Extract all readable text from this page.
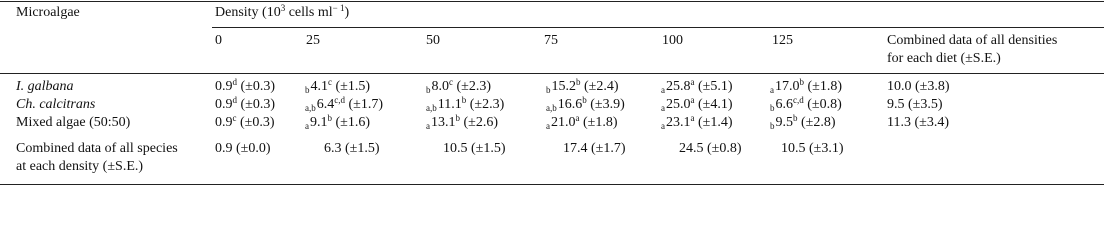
Microalgae	Density ($10^3$ cells $ml^{- 1}$)
0	25	50	75	100	125	Combined data of all densities
for each diet (±S.E.)
I. galbana	0.9$^d$ (±0.3)	$_b$4.1$^c$ (±1.5)	$_b$8.0$^c$ (±2.3)	$_b$15.2$^b$ (±2.4)	$_a$25.8$^a$ (±5.1)	$_a$17.0$^b$ (±1.8)	10.0 (±3.8)
Ch. calcitrans	0.9$^d$ (±0.3)	$_{a,b}6.4^{c,d}$ (±1.7)	$_{a,b}$11.1$^b$ (±2.3)	$_{a,b}$16.6$^b$ (±3.9)	$_a$25.0$^a$ (±4.1)	$_b6.6^{c,d}$ (±0.8)	9.5 (±3.5)
Mixed algae (50:50)	0.9$^c$ (±0.3)	$_a$9.1$^b$ (±1.6)	$_a$13.1$^b$ (±2.6)	$_a$21.0$^a$ (±1.8)	$_a$23.1$^a$ (±1.4)	$_b$9.5$^b$ (±2.8)	11.3 (±3.4)
Combined data of all species
at each density (±S.E.)
0.9 (±0.0)	6.3 (±1.5)	10.5 (±1.5)	17.4 (±1.7)	24.5 (±0.8)	10.5 (±3.1)
